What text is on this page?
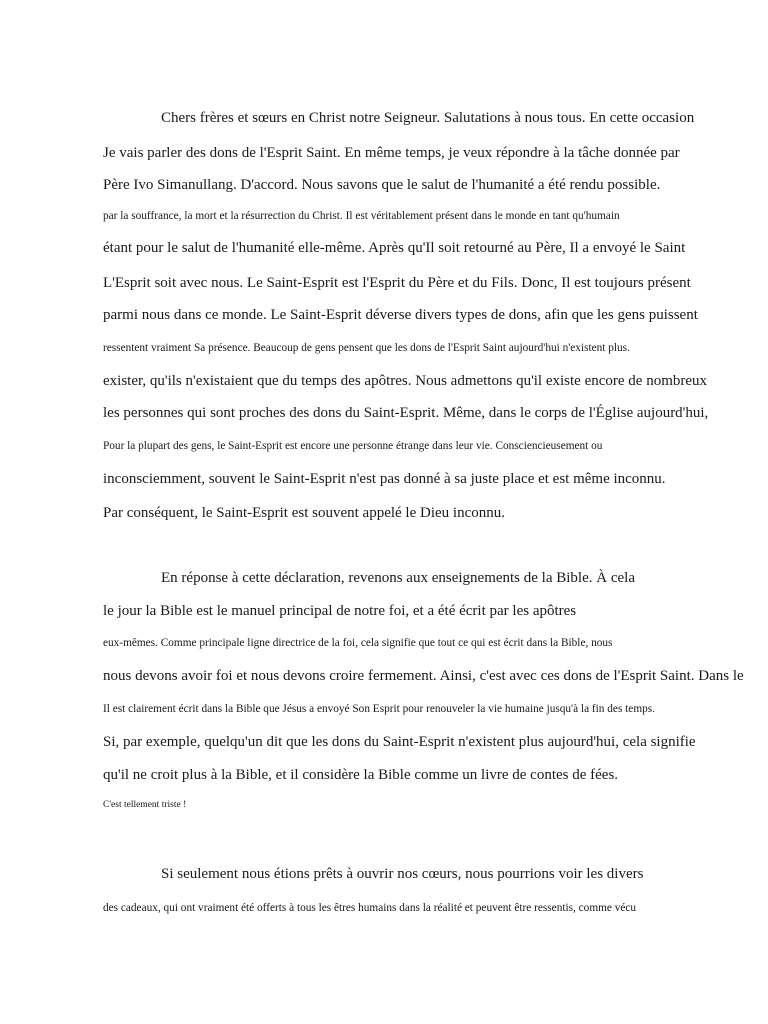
Chers frères et sœurs en Christ notre Seigneur. Salutations à nous tous. En cette occasion
Je vais parler des dons de l'Esprit Saint. En même temps, je veux répondre à la tâche donnée par
Père Ivo Simanullang. D'accord. Nous savons que le salut de l'humanité a été rendu possible.
par la souffrance, la mort et la résurrection du Christ. Il est véritablement présent dans le monde en tant qu'humain
étant pour le salut de l'humanité elle-même. Après qu'Il soit retourné au Père, Il a envoyé le Saint
L'Esprit soit avec nous. Le Saint-Esprit est l'Esprit du Père et du Fils. Donc, Il est toujours présent
parmi nous dans ce monde. Le Saint-Esprit déverse divers types de dons, afin que les gens puissent
ressentent vraiment Sa présence. Beaucoup de gens pensent que les dons de l'Esprit Saint aujourd'hui n'existent plus.
exister, qu'ils n'existaient que du temps des apôtres. Nous admettons qu'il existe encore de nombreux
les personnes qui sont proches des dons du Saint-Esprit. Même, dans le corps de l'Église aujourd'hui,
Pour la plupart des gens, le Saint-Esprit est encore une personne étrange dans leur vie. Consciencieusement ou
inconsciemment, souvent le Saint-Esprit n'est pas donné à sa juste place et est même inconnu.
Par conséquent, le Saint-Esprit est souvent appelé le Dieu inconnu.
En réponse à cette déclaration, revenons aux enseignements de la Bible. À cela
le jour la Bible est le manuel principal de notre foi, et a été écrit par les apôtres
eux-mêmes. Comme principale ligne directrice de la foi, cela signifie que tout ce qui est écrit dans la Bible, nous
nous devons avoir foi et nous devons croire fermement. Ainsi, c'est avec ces dons de l'Esprit Saint. Dans le
Il est clairement écrit dans la Bible que Jésus a envoyé Son Esprit pour renouveler la vie humaine jusqu'à la fin des temps.
Si, par exemple, quelqu'un dit que les dons du Saint-Esprit n'existent plus aujourd'hui, cela signifie
qu'il ne croit plus à la Bible, et il considère la Bible comme un livre de contes de fées.
C'est tellement triste !
Si seulement nous étions prêts à ouvrir nos cœurs, nous pourrions voir les divers
des cadeaux, qui ont vraiment été offerts à tous les êtres humains dans la réalité et peuvent être ressentis, comme vécu
